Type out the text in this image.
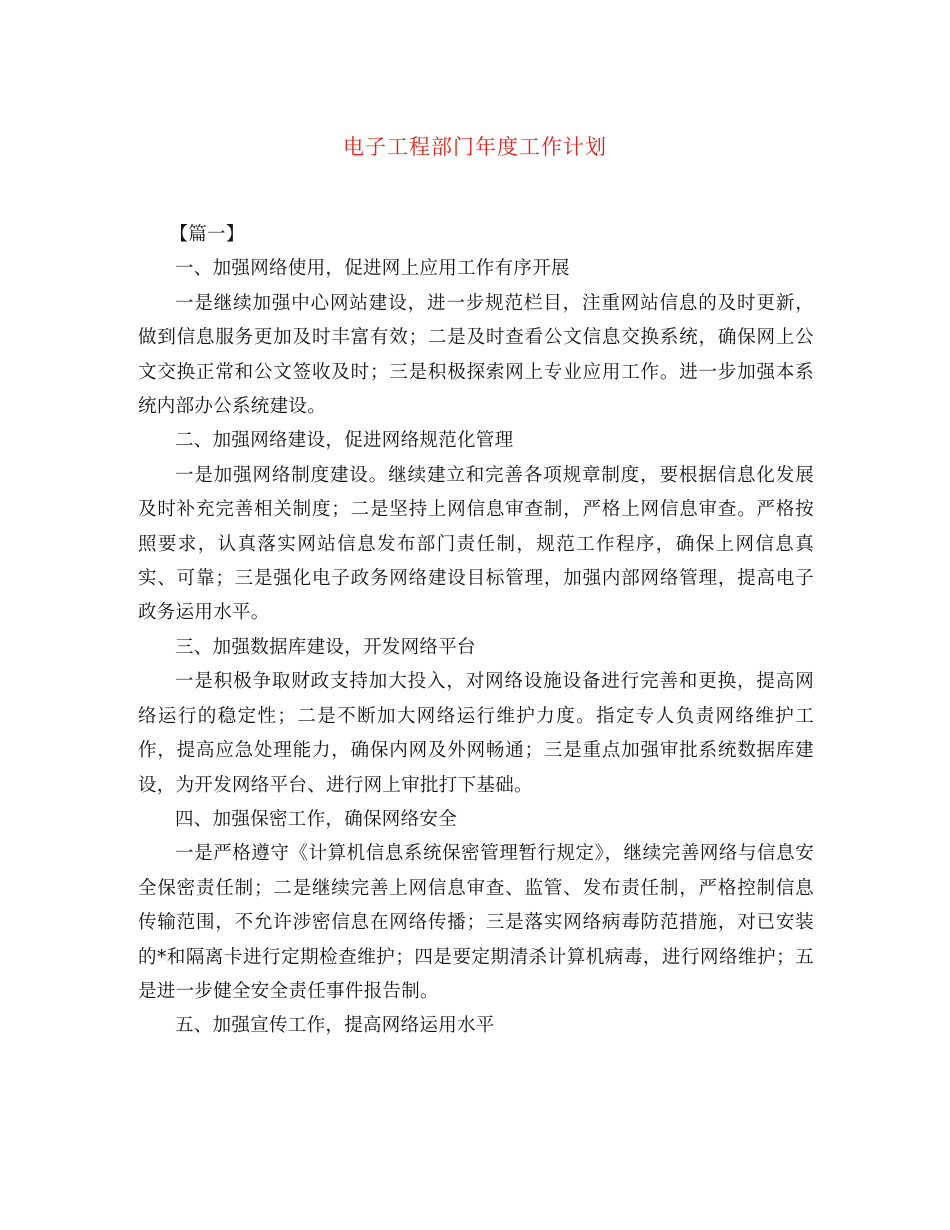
电子工程部门年度工作计划

【篇一】

一、加强网络使用，促进网上应用工作有序开展

一是继续加强中心网站建设，进一步规范栏目，注重网站信息的及时更新，做到信息服务更加及时丰富有效；二是及时查看公文信息交换系统，确保网上公文交换正常和公文签收及时；三是积极探索网上专业应用工作。进一步加强本系统内部办公系统建设。

二、加强网络建设，促进网络规范化管理

一是加强网络制度建设。继续建立和完善各项规章制度，要根据信息化发展及时补充完善相关制度；二是坚持上网信息审查制，严格上网信息审查。严格按照要求，认真落实网站信息发布部门责任制，规范工作程序，确保上网信息真实、可靠；三是强化电子政务网络建设目标管理，加强内部网络管理，提高电子政务运用水平。

三、加强数据库建设，开发网络平台

一是积极争取财政支持加大投入，对网络设施设备进行完善和更换，提高网络运行的稳定性；二是不断加大网络运行维护力度。指定专人负责网络维护工作，提高应急处理能力，确保内网及外网畅通；三是重点加强审批系统数据库建设，为开发网络平台、进行网上审批打下基础。

四、加强保密工作，确保网络安全

一是严格遵守《计算机信息系统保密管理暂行规定》，继续完善网络与信息安全保密责任制；二是继续完善上网信息审查、监管、发布责任制，严格控制信息传输范围，不允许涉密信息在网络传播；三是落实网络病毒防范措施，对已安装的*和隔离卡进行定期检查维护；四是要定期清杀计算机病毒，进行网络维护；五是进一步健全安全责任事件报告制。

五、加强宣传工作，提高网络运用水平
